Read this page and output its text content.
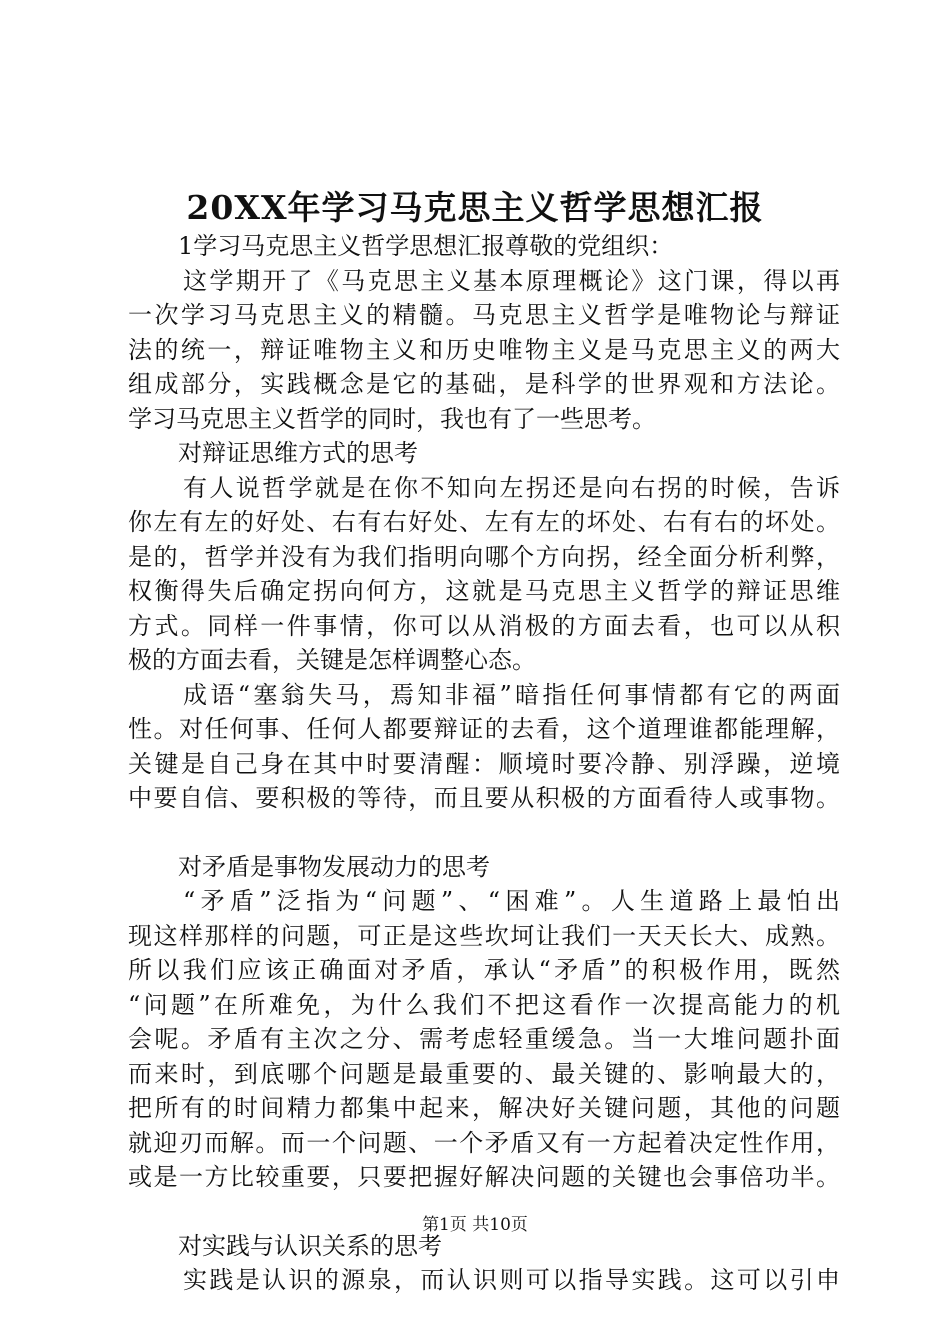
20XX年学习马克思主义哲学思想汇报
1学习马克思主义哲学思想汇报尊敬的党组织：
这学期开了《马克思主义基本原理概论》这门课，得以再
一次学习马克思主义的精髓。马克思主义哲学是唯物论与辩证
法的统一，辩证唯物主义和历史唯物主义是马克思主义的两大
组成部分，实践概念是它的基础，是科学的世界观和方法论。
学习马克思主义哲学的同时，我也有了一些思考。
对辩证思维方式的思考
有人说哲学就是在你不知向左拐还是向右拐的时候，告诉
你左有左的好处、右有右好处、左有左的坏处、右有右的坏处。
是的，哲学并没有为我们指明向哪个方向拐，经全面分析利弊，
权衡得失后确定拐向何方，这就是马克思主义哲学的辩证思维
方式。同样一件事情，你可以从消极的方面去看，也可以从积
极的方面去看，关键是怎样调整心态。
成语“塞翁失马，焉知非福”暗指任何事情都有它的两面
性。对任何事、任何人都要辩证的去看，这个道理谁都能理解，
关键是自己身在其中时要清醒：顺境时要冷静、别浮躁，逆境
中要自信、要积极的等待，而且要从积极的方面看待人或事物。
对矛盾是事物发展动力的思考
“矛盾”泛指为“问题”、“困难”。人生道路上最怕出
现这样那样的问题，可正是这些坎坷让我们一天天长大、成熟。
所以我们应该正确面对矛盾，承认“矛盾”的积极作用，既然
“问题”在所难免，为什么我们不把这看作一次提高能力的机
会呢。矛盾有主次之分、需考虑轻重缓急。当一大堆问题扑面
而来时，到底哪个问题是最重要的、最关键的、影响最大的，
把所有的时间精力都集中起来，解决好关键问题，其他的问题
就迎刃而解。而一个问题、一个矛盾又有一方起着决定性作用，
或是一方比较重要，只要把握好解决问题的关键也会事倍功半。
对实践与认识关系的思考
实践是认识的源泉，而认识则可以指导实践。这可以引申
第1页 共10页
